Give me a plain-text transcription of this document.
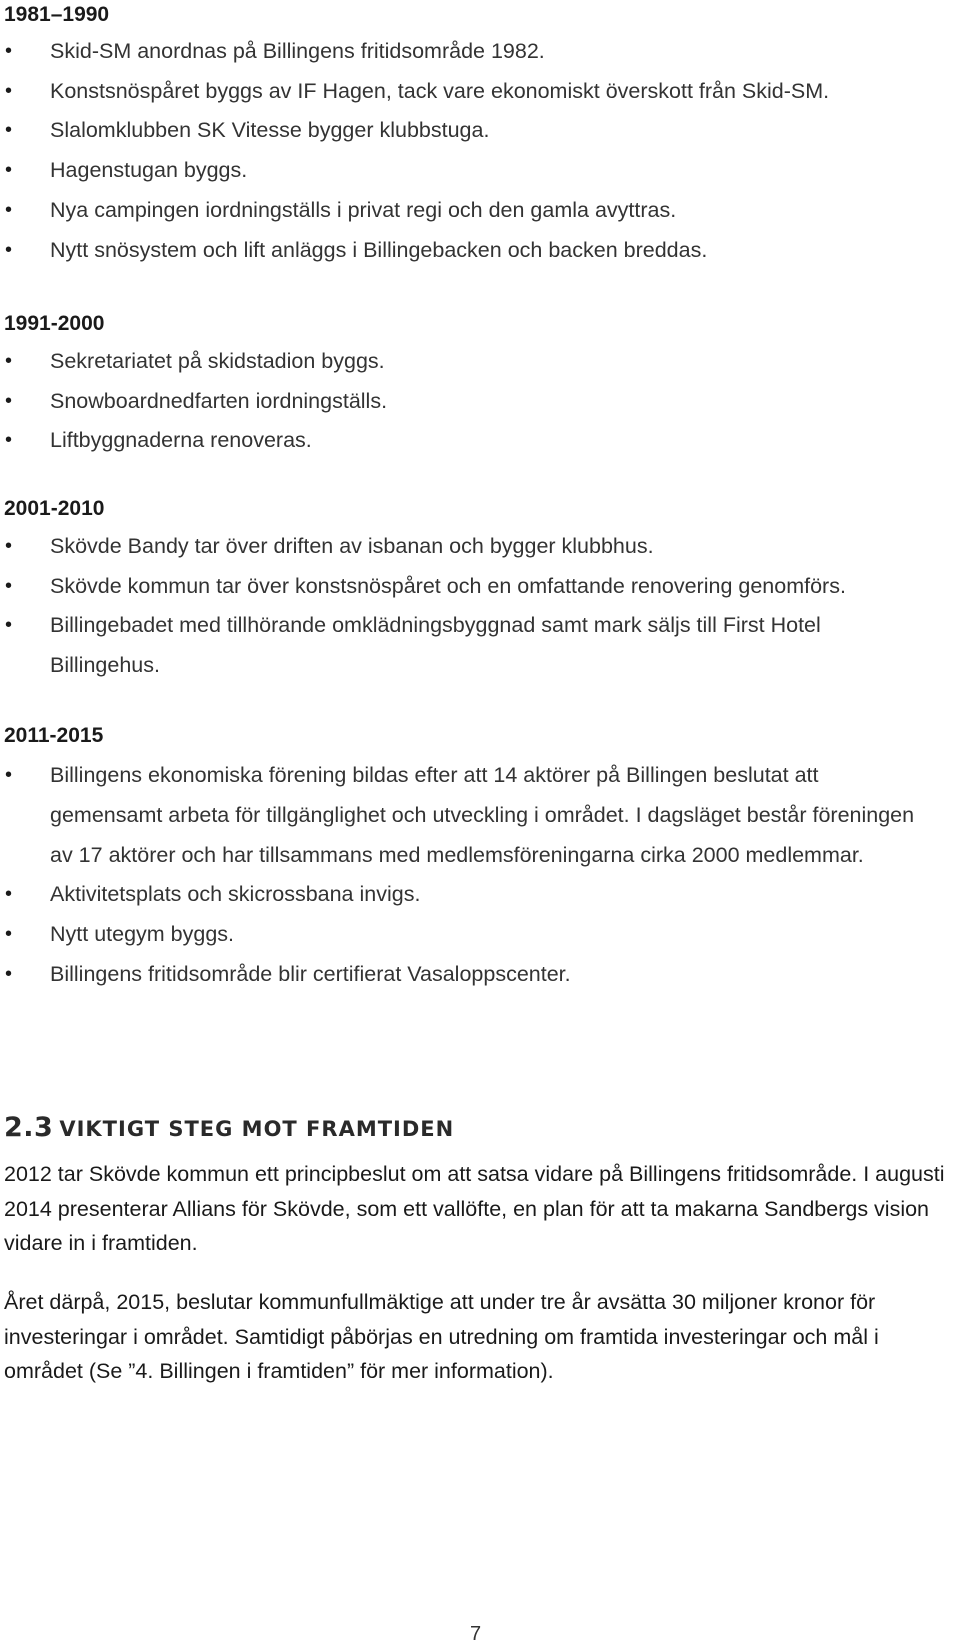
1981–1990
• Skid-SM anordnas på Billingens fritidsområde 1982.
• Konstsnöspåret byggs av IF Hagen, tack vare ekonomiskt överskott från Skid-SM.
• Slalomklubben SK Vitesse bygger klubbstuga.
• Hagenstugan byggs.
• Nya campingen iordningställs i privat regi och den gamla avyttras.
• Nytt snösystem och lift anläggs i Billingebacken och backen breddas.
1991-2000
• Sekretariatet på skidstadion byggs.
• Snowboardnedfarten iordningställs.
• Liftbyggnaderna renoveras.
2001-2010
• Skövde Bandy tar över driften av isbanan och bygger klubbhus.
• Skövde kommun tar över konstsnöspåret och en omfattande renovering genomförs.
• Billingebadet med tillhörande omklädningsbyggnad samt mark säljs till First Hotel Billingehus.
2011-2015
• Billingens ekonomiska förening bildas efter att 14 aktörer på Billingen beslutat att gemensamt arbeta för tillgänglighet och utveckling i området. I dagsläget består föreningen av 17 aktörer och har tillsammans med medlemsföreningarna cirka 2000 medlemmar.
• Aktivitetsplats och skicrossbana invigs.
• Nytt utegym byggs.
• Billingens fritidsområde blir certifierat Vasaloppscenter.
2.3 VIKTIGT STEG MOT FRAMTIDEN

2012 tar Skövde kommun ett principbeslut om att satsa vidare på Billingens fritidsområde. I augusti 2014 presenterar Allians för Skövde, som ett vallöfte, en plan för att ta makarna Sandbergs vision vidare in i framtiden.

Året därpå, 2015, beslutar kommunfullmäktige att under tre år avsätta 30 miljoner kronor för investeringar i området. Samtidigt påbörjas en utredning om framtida investeringar och mål i området (Se ”4. Billingen i framtiden” för mer information).

7
